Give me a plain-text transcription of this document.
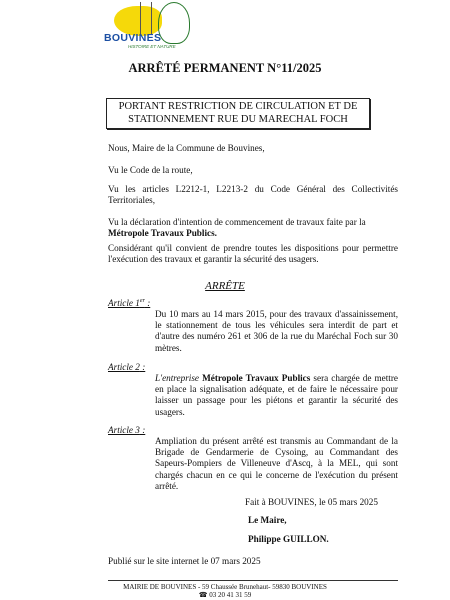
BOUVINES
HISTOIRE ET NATURE
ARRÊTÉ PERMANENT N°11/2025
PORTANT RESTRICTION DE CIRCULATION ET DE
STATIONNEMENT RUE DU MARECHAL FOCH
Nous, Maire de la Commune de Bouvines,
Vu le Code de la route,
Vu les articles L2212-1, L2213-2 du Code Général des Collectivités Territoriales,
Vu la déclaration d'intention de commencement de travaux faite par la
Métropole Travaux Publics.
Considérant qu'il convient de prendre toutes les dispositions pour permettre l'exécution des travaux et garantir la sécurité des usagers.
ARRÊTE
Article 1er :
Du 10 mars au 14 mars 2015, pour des travaux d'assainissement, le stationnement de tous les véhicules sera interdit de part et d'autre des numéro 261 et 306 de la rue du Maréchal Foch sur 30 mètres.
Article 2 :
L'entreprise Métropole Travaux Publics sera chargée de mettre en place la signalisation adéquate, et de faire le nécessaire pour laisser un passage pour les piétons et garantir la sécurité des usagers.
Article 3 :
Ampliation du présent arrêté est transmis au Commandant de la Brigade de Gendarmerie de Cysoing, au Commandant des Sapeurs-Pompiers de Villeneuve d'Ascq, à la MEL, qui sont chargés chacun en ce qui le concerne de l'exécution du présent arrêté.
Fait à BOUVINES, le 05 mars 2025
Le Maire,
Philippe GUILLON.
Publié sur le site internet le 07 mars 2025
MAIRIE DE BOUVINES - 59 Chaussée Brunehaut- 59830 BOUVINES
☎ 03 20 41 31 59
